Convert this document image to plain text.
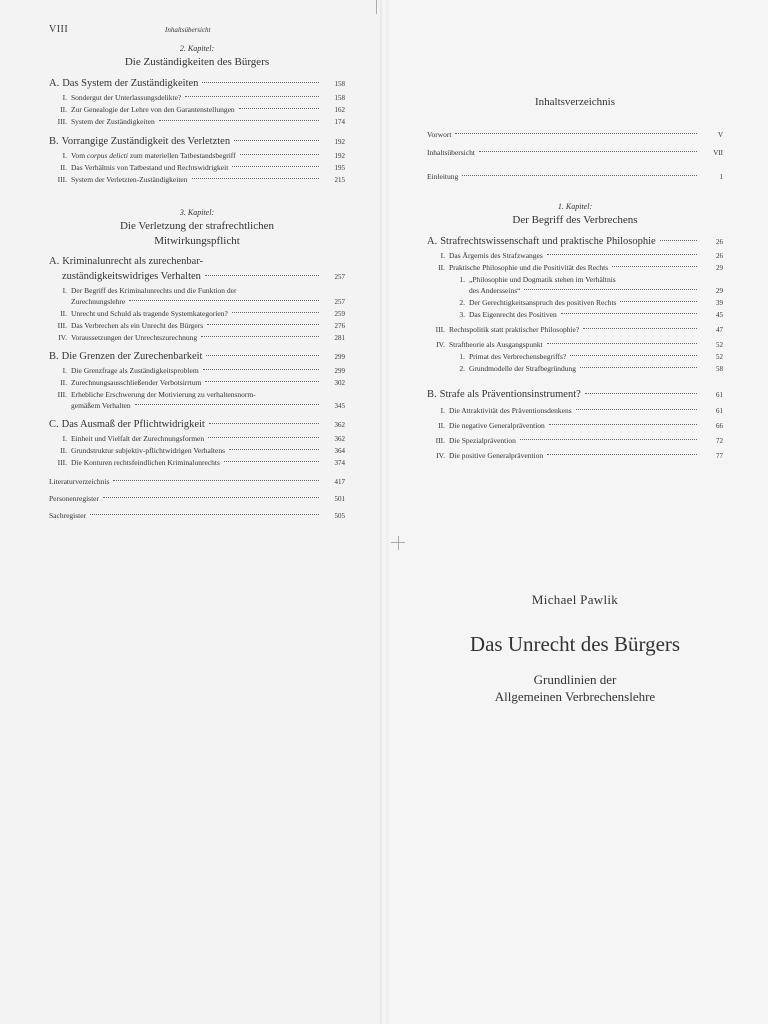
VIII	Inhaltsübersicht
2. Kapitel:
Die Zuständigkeiten des Bürgers
A. Das System der Zuständigkeiten	158
I. Sondergut der Unterlassungsdelikte?	158
II. Zur Genealogie der Lehre von den Garantenstellungen	162
III. System der Zuständigkeiten	174
B. Vorrangige Zuständigkeit des Verletzten	192
I. Vom corpus delicti zum materiellen Tatbestandsbegriff	192
II. Das Verhältnis von Tatbestand und Rechtswidrigkeit	195
III. System der Verletzten-Zuständigkeiten	215
3. Kapitel:
Die Verletzung der strafrechtlichen
Mitwirkungspflicht
A. Kriminalunrecht als zurechenbar-
zuständigkeitswidriges Verhalten	257
I. Der Begriff des Kriminalunrechts und die Funktion der
Zurechnungslehre	257
II. Unrecht und Schuld als tragende Systemkategorien?	259
III. Das Verbrechen als ein Unrecht des Bürgers	276
IV. Voraussetzungen der Unrechtszurechnung	281
B. Die Grenzen der Zurechenbarkeit	299
I. Die Grenzfrage als Zuständigkeitsproblem	299
II. Zurechnungsausschließender Verbotsirrtum	302
III. Erhebliche Erschwerung der Motivierung zu verhaltensnorm-
gemäßem Verhalten	345
C. Das Ausmaß der Pflichtwidrigkeit	362
I. Einheit und Vielfalt der Zurechnungsformen	362
II. Grundstruktur subjektiv-pflichtwidrigen Verhaltens	364
III. Die Konturen rechtsfeindlichen Kriminalunrechts	374
Literaturverzeichnis	417
Personenregister	501
Sachregister	505
Inhaltsverzeichnis
Vorwort	V
Inhaltsübersicht	VII
Einleitung	1
1. Kapitel:
Der Begriff des Verbrechens
A. Strafrechtswissenschaft und praktische Philosophie	26
I. Das Ärgernis des Strafzwanges	26
II. Praktische Philosophie und die Positivität des Rechts	29
1. „Philosophie und Dogmatik stehen im Verhältnis
des Andersseins“	29
2. Der Gerechtigkeitsanspruch des positiven Rechts	39
3. Das Eigenrecht des Positiven	45
III. Rechtspolitik statt praktischer Philosophie?	47
IV. Straftheorie als Ausgangspunkt	52
1. Primat des Verbrechensbegriffs?	52
2. Grundmodelle der Strafbegründung	58
B. Strafe als Präventionsinstrument?	61
I. Die Attraktivität des Präventionsdenkens	61
II. Die negative Generalprävention	66
III. Die Spezialprävention	72
IV. Die positive Generalprävention	77
Michael Pawlik
Das Unrecht des Bürgers
Grundlinien der
Allgemeinen Verbrechenslehre
